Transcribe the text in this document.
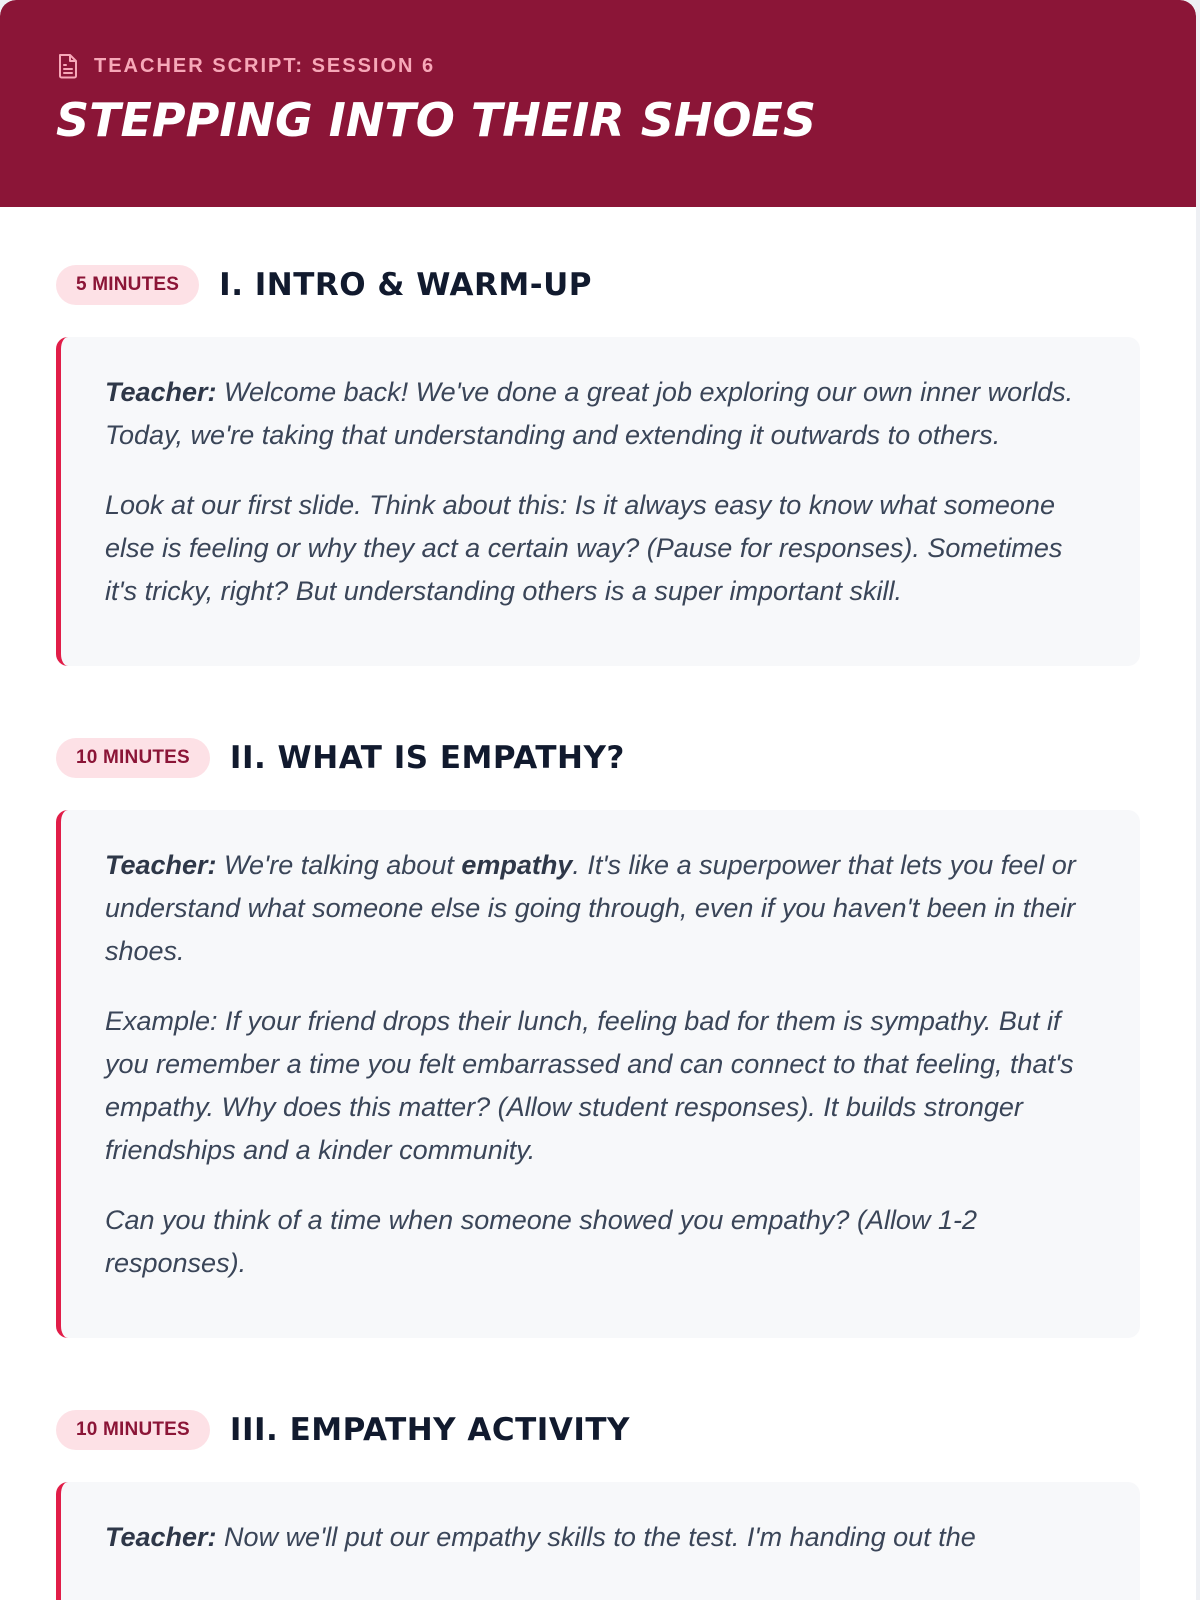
TEACHER SCRIPT: SESSION 6
STEPPING INTO THEIR SHOES
5 MINUTES	I. INTRO & WARM-UP

Teacher: Welcome back! We've done a great job exploring our own inner worlds. Today, we're taking that understanding and extending it outwards to others.

Look at our first slide. Think about this: Is it always easy to know what someone else is feeling or why they act a certain way? (Pause for responses). Sometimes it's tricky, right? But understanding others is a super important skill.

10 MINUTES	II. WHAT IS EMPATHY?

Teacher: We're talking about empathy. It's like a superpower that lets you feel or understand what someone else is going through, even if you haven't been in their shoes.

Example: If your friend drops their lunch, feeling bad for them is sympathy. But if you remember a time you felt embarrassed and can connect to that feeling, that's empathy. Why does this matter? (Allow student responses). It builds stronger friendships and a kinder community.

Can you think of a time when someone showed you empathy? (Allow 1-2 responses).

10 MINUTES	III. EMPATHY ACTIVITY

Teacher: Now we'll put our empathy skills to the test. I'm handing out the
